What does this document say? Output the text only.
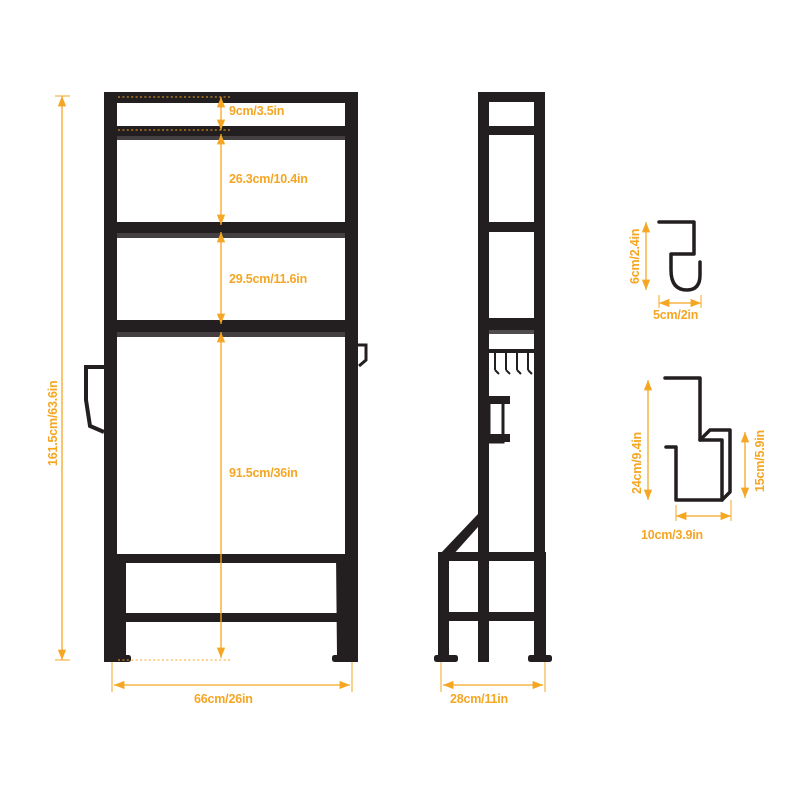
161.5cm/63.6in
9cm/3.5in
26.3cm/10.4in
29.5cm/11.6in
91.5cm/36in
66cm/26in	28cm/11in
6cm/2.4in
5cm/2in
24cm/9.4in	15cm/5.9in
10cm/3.9in
